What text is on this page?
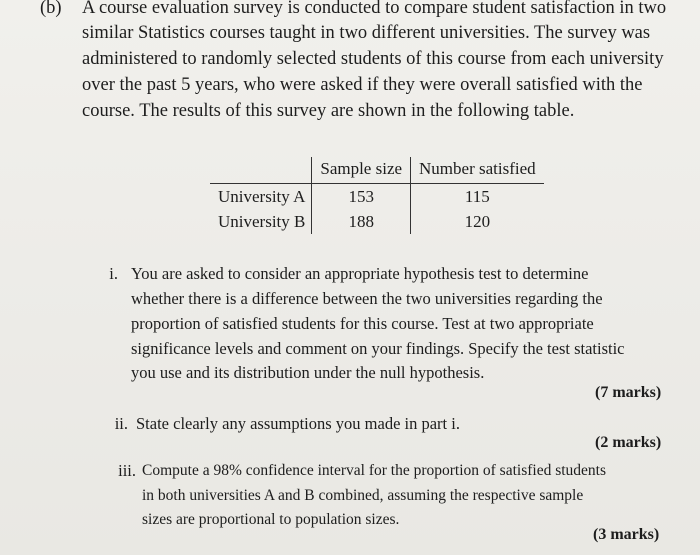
(b) A course evaluation survey is conducted to compare student satisfaction in two
similar Statistics courses taught in two different universities. The survey was
administered to randomly selected students of this course from each university
over the past 5 years, who were asked if they were overall satisfied with the
course. The results of this survey are shown in the following table.
	Sample size	Number satisfied
University A	153	115
University B	188	120
i. You are asked to consider an appropriate hypothesis test to determine
whether there is a difference between the two universities regarding the
proportion of satisfied students for this course. Test at two appropriate
significance levels and comment on your findings. Specify the test statistic
you use and its distribution under the null hypothesis.
(7 marks)
ii. State clearly any assumptions you made in part i.
(2 marks)
iii. Compute a 98% confidence interval for the proportion of satisfied students
in both universities A and B combined, assuming the respective sample
sizes are proportional to population sizes.
(3 marks)
